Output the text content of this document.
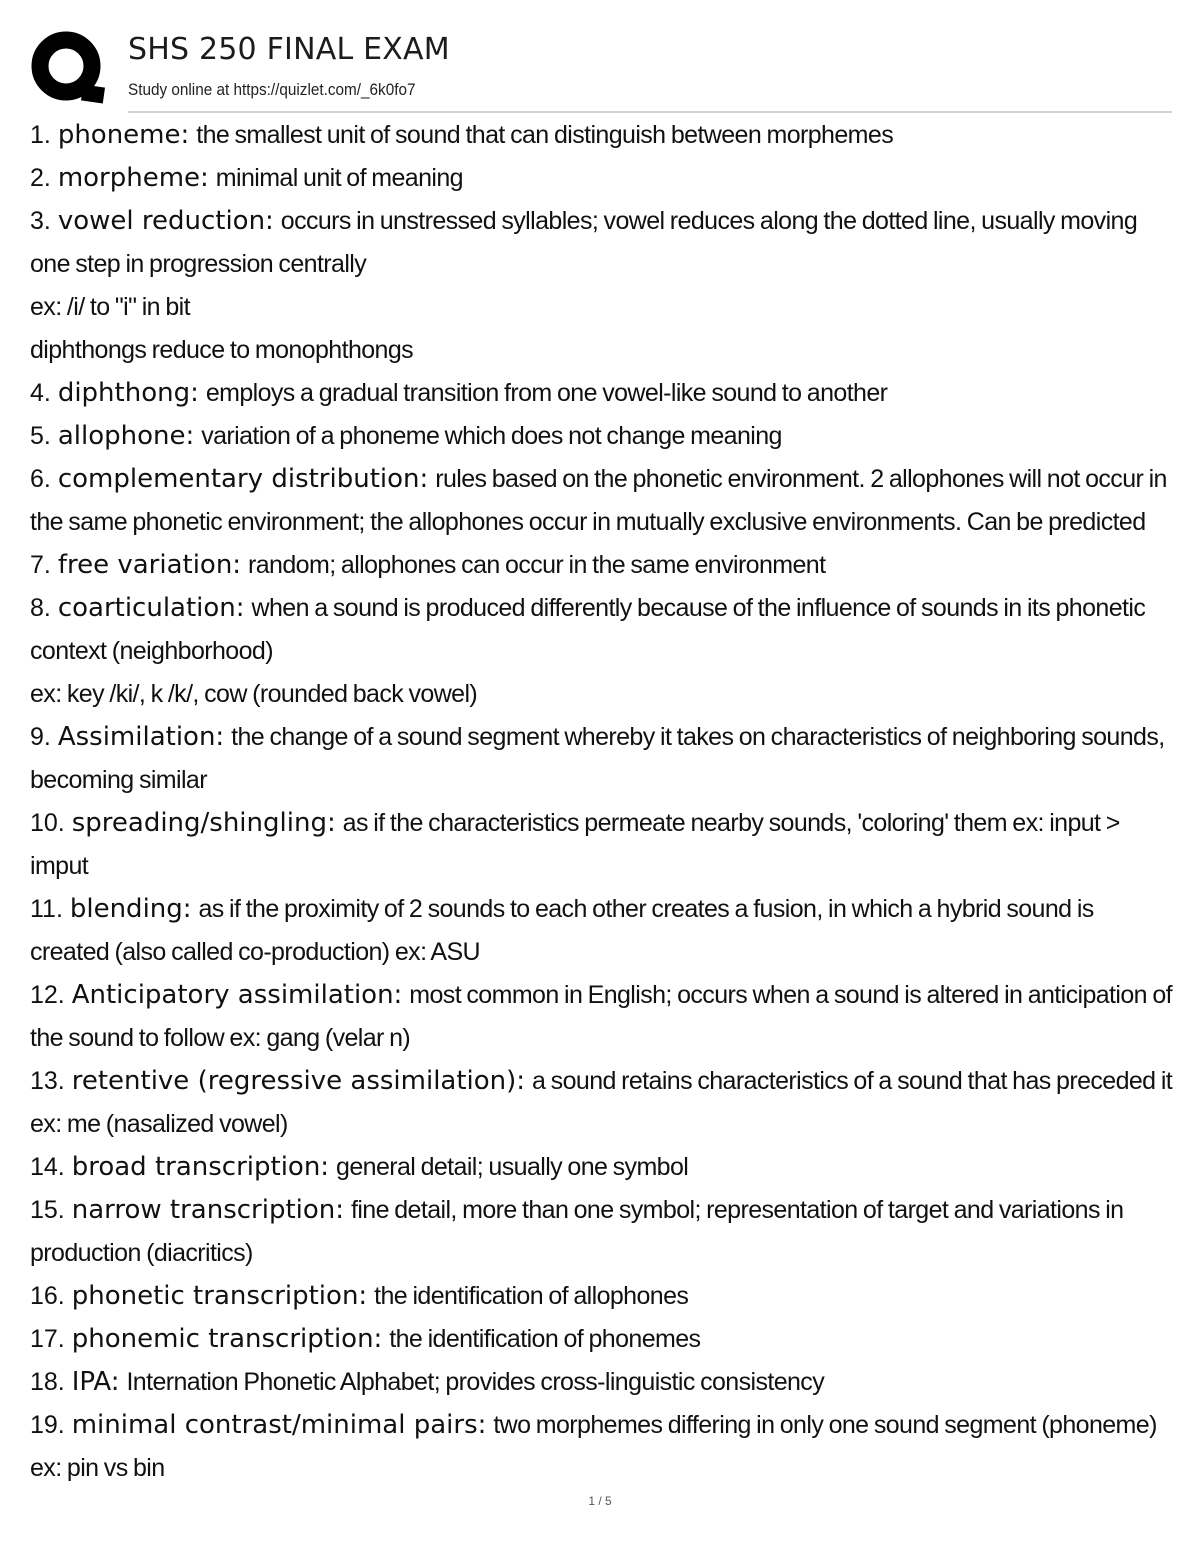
SHS 250 FINAL EXAM
Study online at https://quizlet.com/_6k0fo7

1. phoneme: the smallest unit of sound that can distinguish between morphemes

2. morpheme: minimal unit of meaning

3. vowel reduction: occurs in unstressed syllables; vowel reduces along the dotted line, usually moving one step in progression centrally
ex: /i/ to "i" in bit
diphthongs reduce to monophthongs

4. diphthong: employs a gradual transition from one vowel-like sound to another

5. allophone: variation of a phoneme which does not change meaning

6. complementary distribution: rules based on the phonetic environment. 2 allophones will not occur in the same phonetic environment; the allophones occur in mutually exclusive environments. Can be predicted

7. free variation: random; allophones can occur in the same environment

8. coarticulation: when a sound is produced differently because of the influence of sounds in its phonetic context (neighborhood)
ex: key /ki/, k /k/, cow (rounded back vowel)

9. Assimilation: the change of a sound segment whereby it takes on characteristics of neighboring sounds, becoming similar

10. spreading/shingling: as if the characteristics permeate nearby sounds, 'coloring' them ex: input > imput

11. blending: as if the proximity of 2 sounds to each other creates a fusion, in which a hybrid sound is created (also called co-production) ex: ASU

12. Anticipatory assimilation: most common in English; occurs when a sound is altered in anticipation of the sound to follow ex: gang (velar n)

13. retentive (regressive assimilation): a sound retains characteristics of a sound that has preceded it ex: me (nasalized vowel)

14. broad transcription: general detail; usually one symbol

15. narrow transcription: fine detail, more than one symbol; representation of target and variations in production (diacritics)

16. phonetic transcription: the identification of allophones

17. phonemic transcription: the identification of phonemes

18. IPA: Internation Phonetic Alphabet; provides cross-linguistic consistency

19. minimal contrast/minimal pairs: two morphemes differing in only one sound segment (phoneme)
ex: pin vs bin

1 / 5
